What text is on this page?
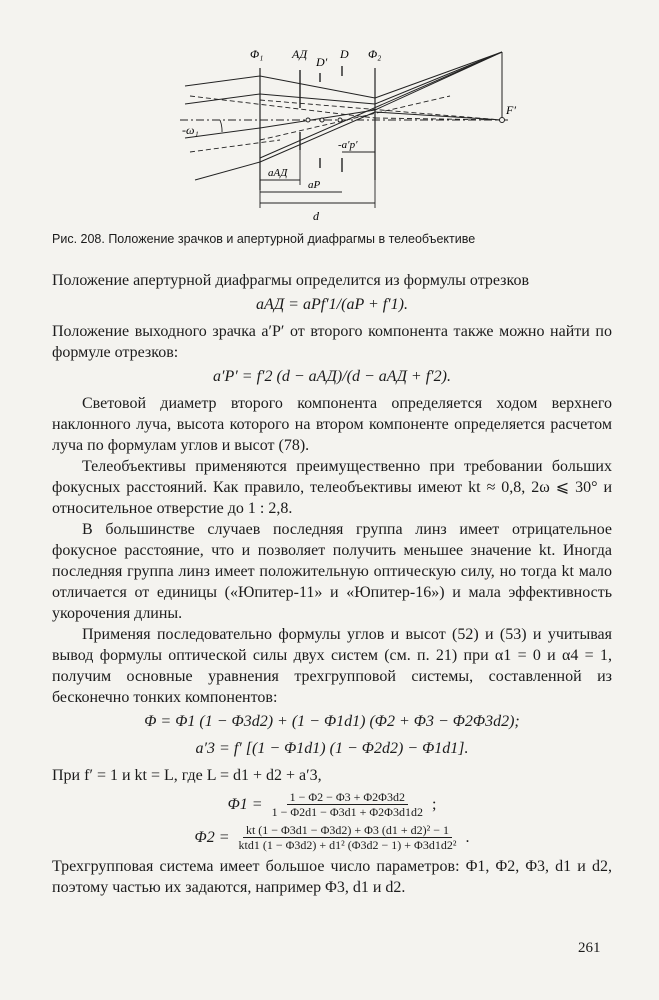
Φ₁ АД
D′
D Φ₂
F′
-ω₁
-a′p′
aАД
aP
d
Рис. 208. Положение зрачков и апертурной диафрагмы в телеобъективе

Положение апертурной диафрагмы определится из формулы отрезков

aАД = aPf′1/(aP + f′1).

Положение выходного зрачка a′P′ от второго компонента также можно найти по формуле отрезков:

a′P′ = f′2 (d − aАД)/(d − aАД + f′2).

Световой диаметр второго компонента определяется ходом верхнего наклонного луча, высота которого на втором компоненте определяется расчетом луча по формулам углов и высот (78).

Телеобъективы применяются преимущественно при требовании больших фокусных расстояний. Как правило, телеобъективы имеют kt ≈ 0,8, 2ω ⩽ 30° и относительное отверстие до 1 : 2,8.

В большинстве случаев последняя группа линз имеет отрицательное фокусное расстояние, что и позволяет получить меньшее значение kt. Иногда последняя группа линз имеет положительную оптическую силу, но тогда kt мало отличается от единицы («Юпитер-11» и «Юпитер-16») и мала эффективность укорочения длины.

Применяя последовательно формулы углов и высот (52) и (53) и учитывая вывод формулы оптической силы двух систем (см. п. 21) при α1 = 0 и α4 = 1, получим основные уравнения трехгрупповой системы, составленной из бесконечно тонких компонентов:

Φ = Φ1 (1 − Φ3d2) + (1 − Φ1d1) (Φ2 + Φ3 − Φ2Φ3d2);
a′3 = f′ [(1 − Φ1d1) (1 − Φ2d2) − Φ1d1].

При f′ = 1 и kt = L, где L = d1 + d2 + a′3,

$\Phi 1 = \frac{1 - \Phi 2 - \Phi 3 + \Phi 2\Phi 3d2}{1 - \Phi 2d1 - \Phi 3d1 + \Phi 2\Phi 3d1d2}$ ;
$\Phi 2 = \frac{\text{kt (1 − Φ3d1 − Φ3d2) + Φ3 (d1 + d2)² − 1}}{\text{ktd1 (1 − Φ3d2) + d1² (Φ3d2 − 1) + Φ3d1d2²}}$ .

Трехгрупповая система имеет большое число параметров: Φ1, Φ2, Φ3, d1 и d2, поэтому частью их задаются, например Φ3, d1 и d2.

261
